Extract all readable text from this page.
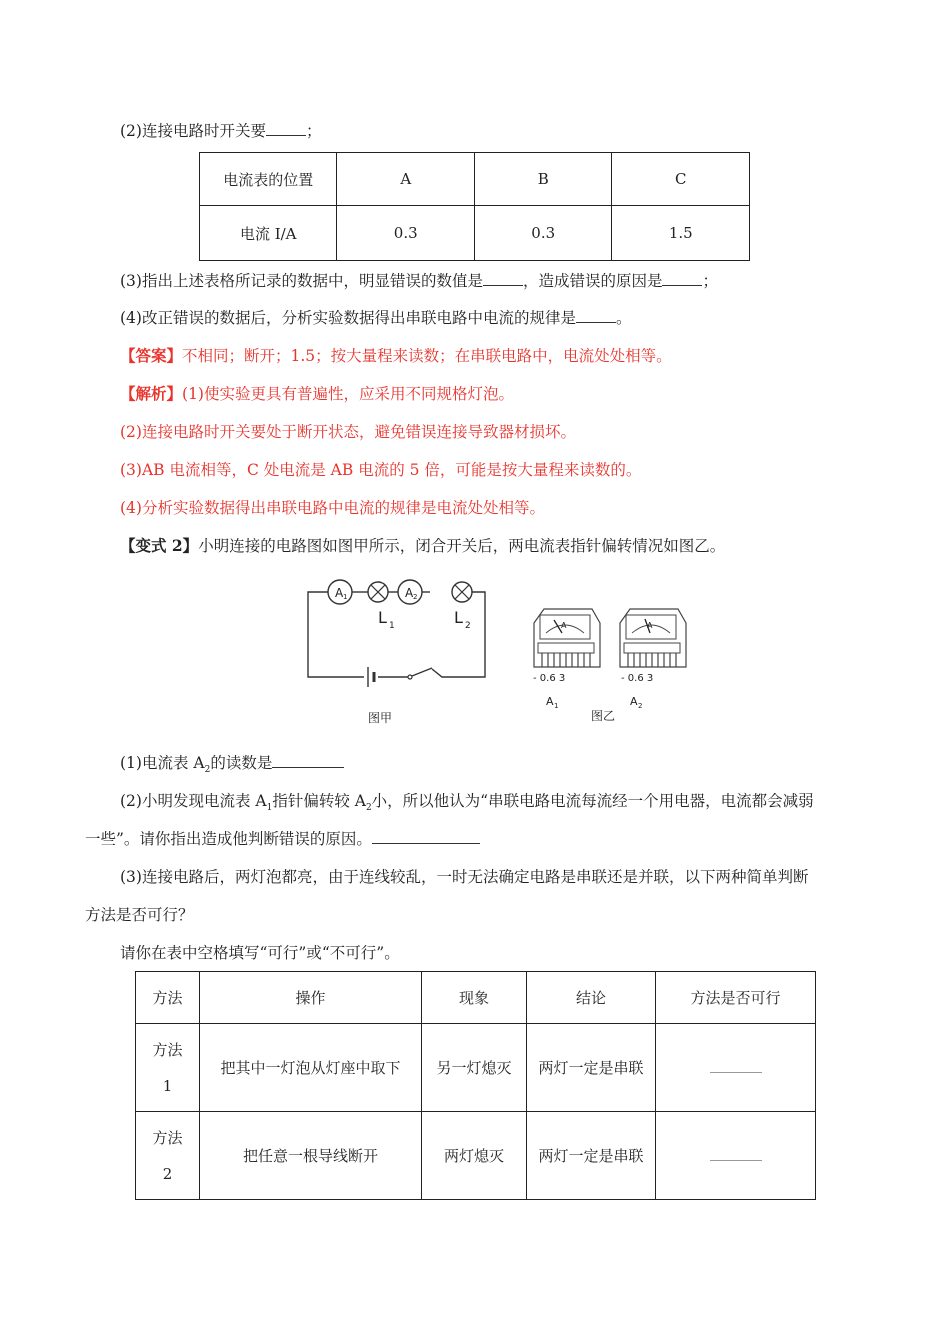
(2)连接电路时开关要	；
电流表的位置	A	B	C
电流 I/A	0.3	0.3	1.5
(3)指出上述表格所记录的数据中，明显错误的数值是	，造成错误的原因是	；
(4)改正错误的数据后，分析实验数据得出串联电路中电流的规律是	。
【答案】不相同；断开；1.5；按大量程来读数；在串联电路中，电流处处相等。
【解析】(1)使实验更具有普遍性，应采用不同规格灯泡。
(2)连接电路时开关要处于断开状态，避免错误连接导致器材损坏。
(3)AB 电流相等，C 处电流是 AB 电流的 5 倍，可能是按大量程来读数的。
(4)分析实验数据得出串联电路中电流的规律是电流处处相等。
【变式 2】小明连接的电路图如图甲所示，闭合开关后，两电流表指针偏转情况如图乙。
A 1
L 1
A 2
L 2
图甲
A
- 0.6 3
A 1
A
- 0.6 3
A 2
图乙
(1)电流表 $A_2$的读数是
(2)小明发现电流表 $A_1$指针偏转较 $A_2$小，所以他认为“串联电路电流每流经一个用电器，电流都会减弱
一些”。请你指出造成他判断错误的原因。
(3)连接电路后，两灯泡都亮，由于连线较乱，一时无法确定电路是串联还是并联，以下两种简单判断
方法是否可行？
请你在表中空格填写“可行”或“不可行”。
方法	操作	现象	结论	方法是否可行

方法
1	把其中一灯泡从灯座中取下	另一灯熄灭	两灯一定是串联	

方法
2	把任意一根导线断开	两灯熄灭	两灯一定是串联	
